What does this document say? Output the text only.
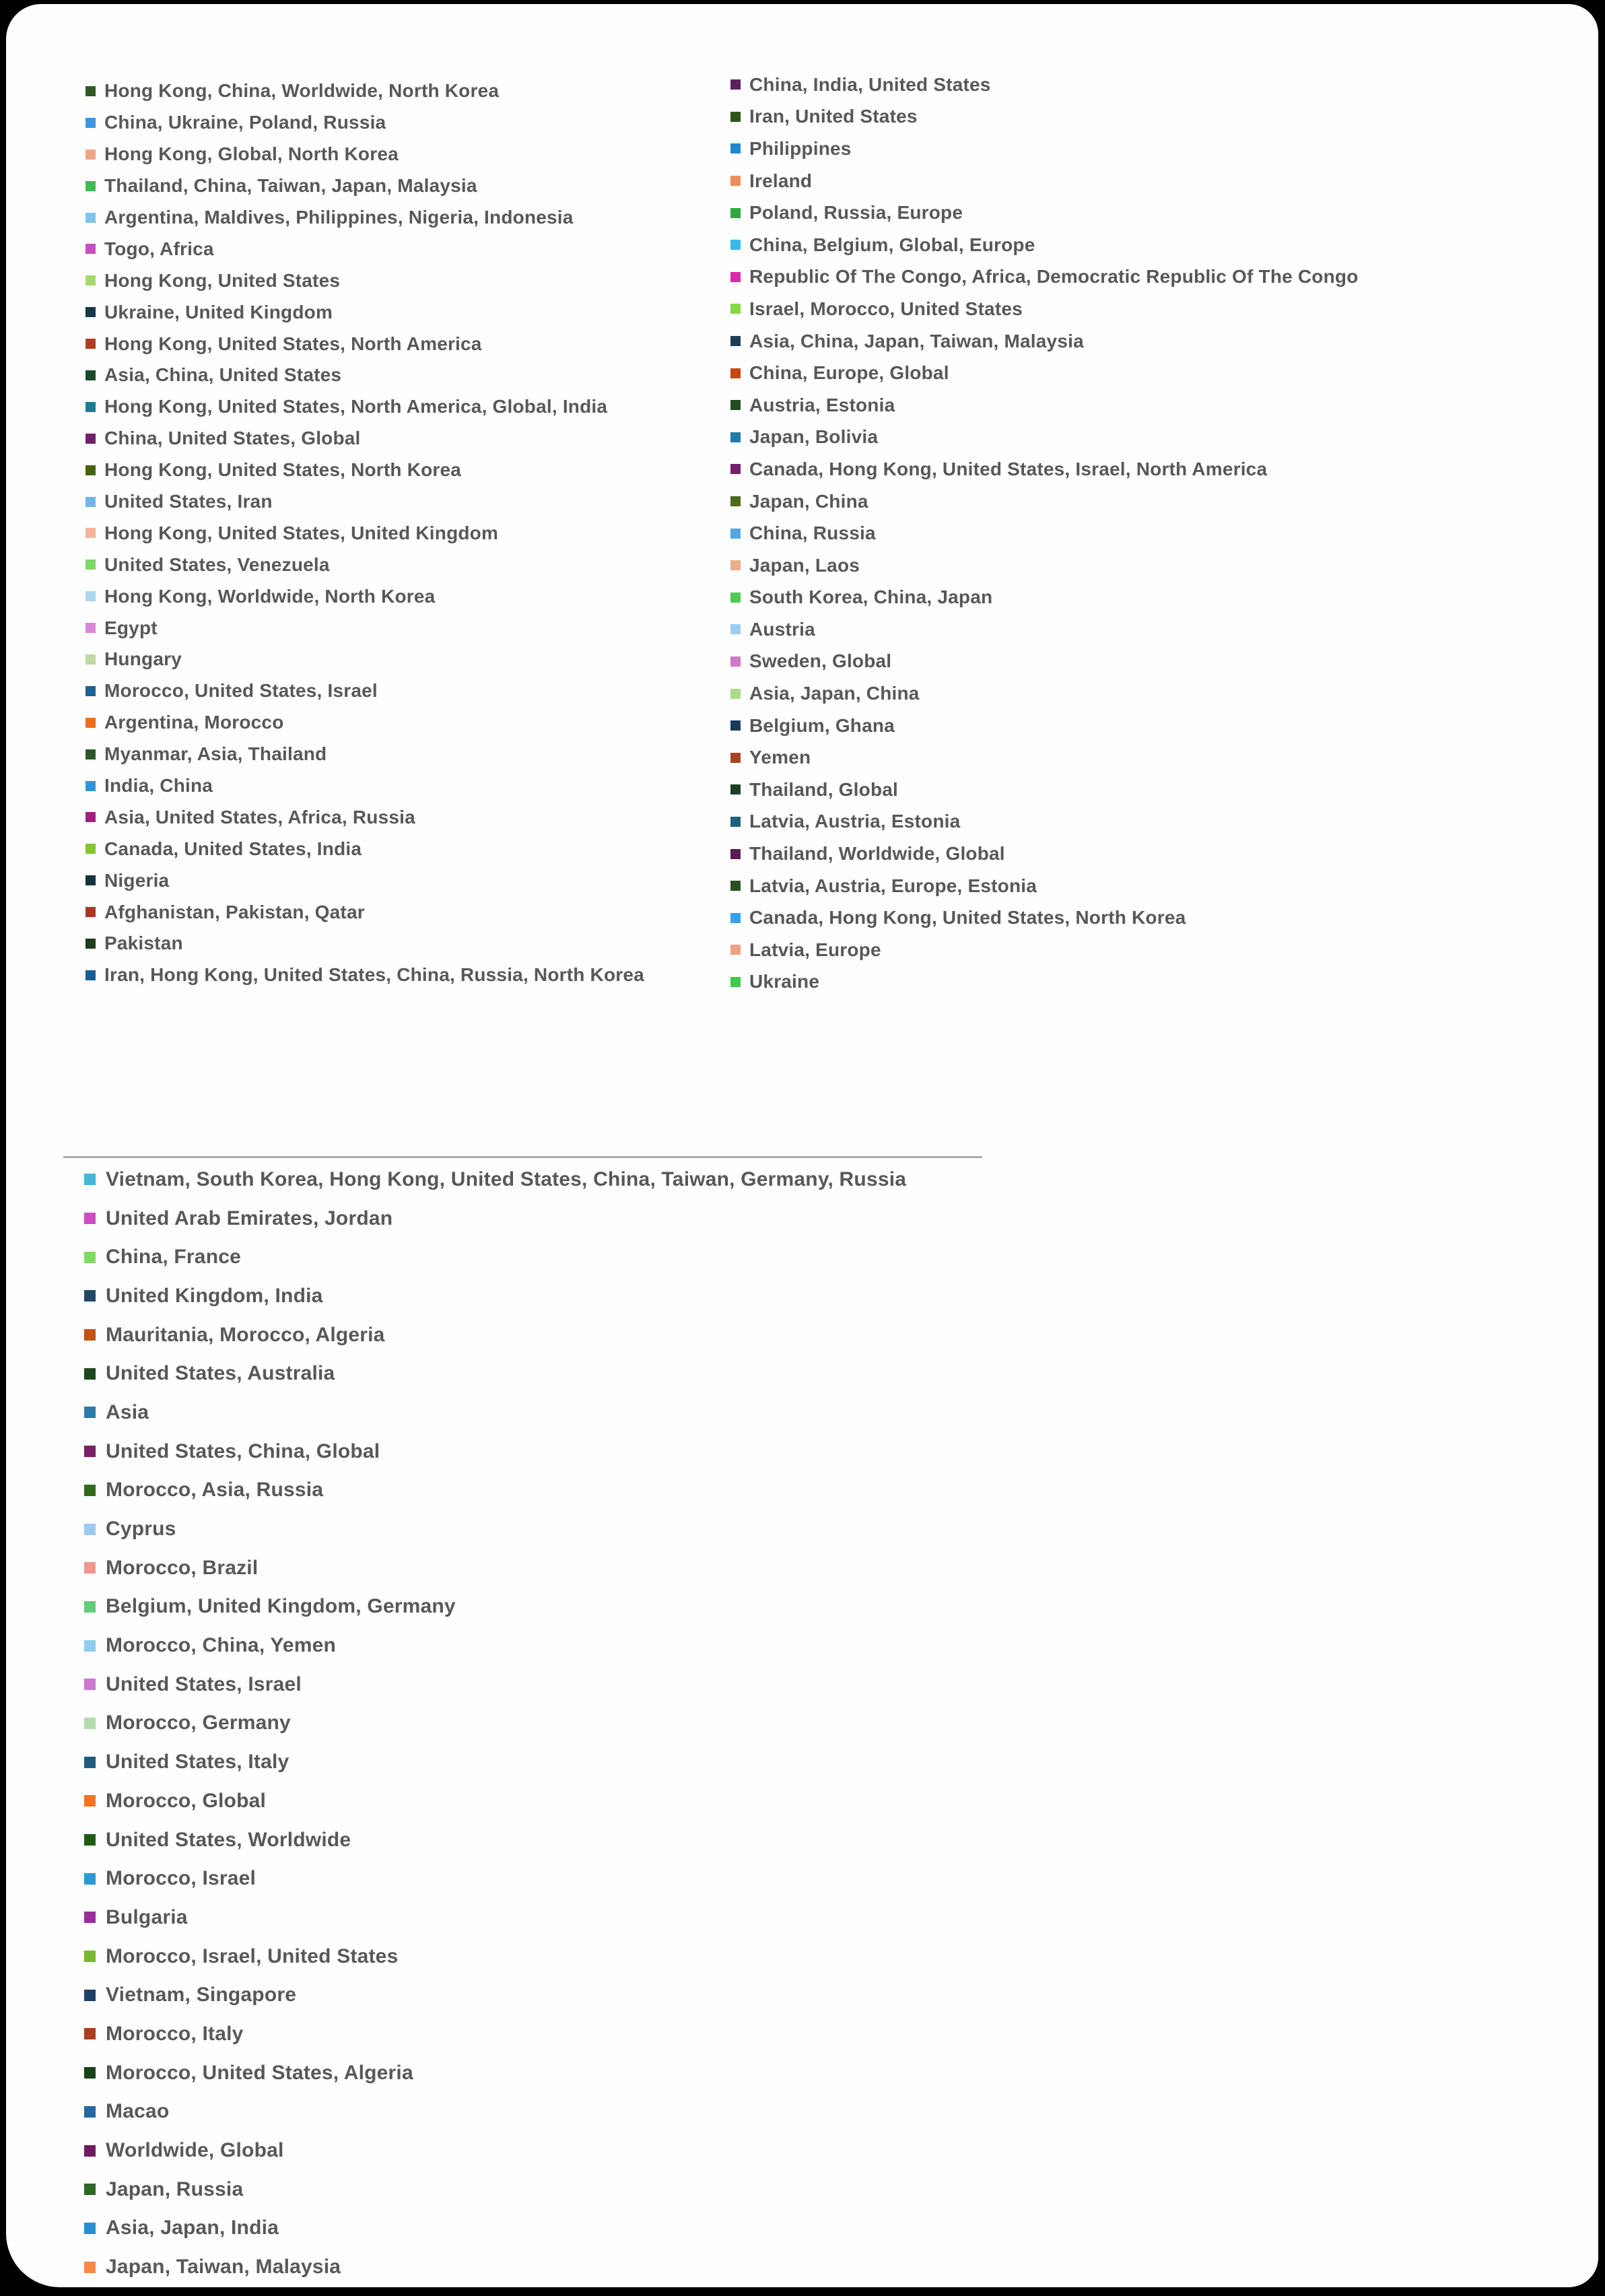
Hong Kong, China, Worldwide, North Korea
China, Ukraine, Poland, Russia
Hong Kong, Global, North Korea
Thailand, China, Taiwan, Japan, Malaysia
Argentina, Maldives, Philippines, Nigeria, Indonesia
Togo, Africa
Hong Kong, United States
Ukraine, United Kingdom
Hong Kong, United States, North America
Asia, China, United States
Hong Kong, United States, North America, Global, India
China, United States, Global
Hong Kong, United States, North Korea
United States, Iran
Hong Kong, United States, United Kingdom
United States, Venezuela
Hong Kong, Worldwide, North Korea
Egypt
Hungary
Morocco, United States, Israel
Argentina, Morocco
Myanmar, Asia, Thailand
India, China
Asia, United States, Africa, Russia
Canada, United States, India
Nigeria
Afghanistan, Pakistan, Qatar
Pakistan
Iran, Hong Kong, United States, China, Russia, North Korea
China, India, United States
Iran, United States
Philippines
Ireland
Poland, Russia, Europe
China, Belgium, Global, Europe
Republic Of The Congo, Africa, Democratic Republic Of The Congo
Israel, Morocco, United States
Asia, China, Japan, Taiwan, Malaysia
China, Europe, Global
Austria, Estonia
Japan, Bolivia
Canada, Hong Kong, United States, Israel, North America
Japan, China
China, Russia
Japan, Laos
South Korea, China, Japan
Austria
Sweden, Global
Asia, Japan, China
Belgium, Ghana
Yemen
Thailand, Global
Latvia, Austria, Estonia
Thailand, Worldwide, Global
Latvia, Austria, Europe, Estonia
Canada, Hong Kong, United States, North Korea
Latvia, Europe
Ukraine
Vietnam, South Korea, Hong Kong, United States, China, Taiwan, Germany, Russia
United Arab Emirates, Jordan
China, France
United Kingdom, India
Mauritania, Morocco, Algeria
United States, Australia
Asia
United States, China, Global
Morocco, Asia, Russia
Cyprus
Morocco, Brazil
Belgium, United Kingdom, Germany
Morocco, China, Yemen
United States, Israel
Morocco, Germany
United States, Italy
Morocco, Global
United States, Worldwide
Morocco, Israel
Bulgaria
Morocco, Israel, United States
Vietnam, Singapore
Morocco, Italy
Morocco, United States, Algeria
Macao
Worldwide, Global
Japan, Russia
Asia, Japan, India
Japan, Taiwan, Malaysia
